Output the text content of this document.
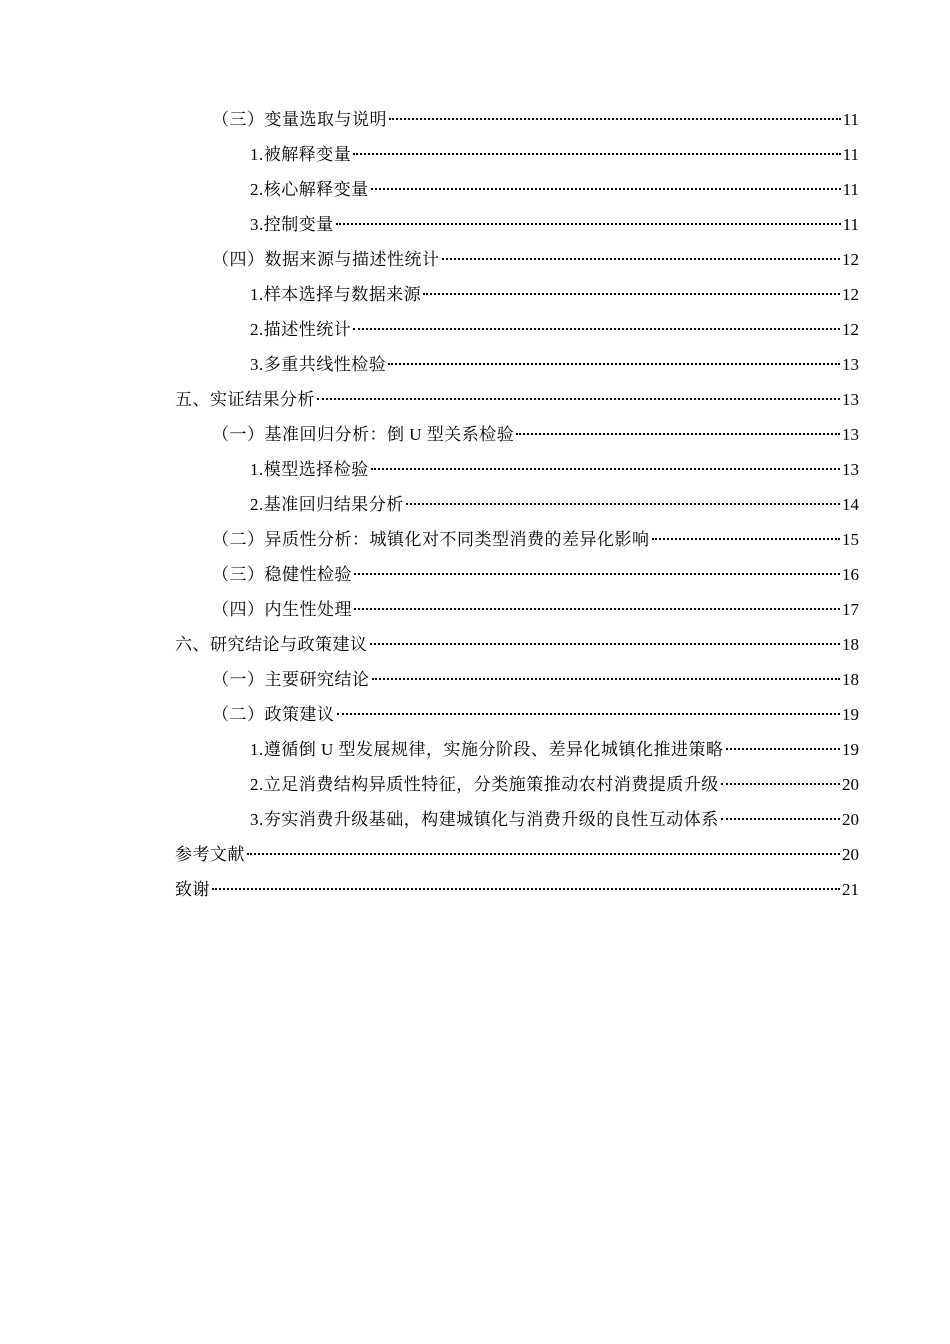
（三）变量选取与说明	11
1.被解释变量	11
2.核心解释变量	11
3.控制变量	11
（四）数据来源与描述性统计	12
1.样本选择与数据来源	12
2.描述性统计	12
3.多重共线性检验	13
五、实证结果分析	13
（一）基准回归分析：倒 U 型关系检验	13
1.模型选择检验	13
2.基准回归结果分析	14
（二）异质性分析：城镇化对不同类型消费的差异化影响	15
（三）稳健性检验	16
（四）内生性处理	17
六、研究结论与政策建议	18
（一）主要研究结论	18
（二）政策建议	19
1.遵循倒 U 型发展规律，实施分阶段、差异化城镇化推进策略	19
2.立足消费结构异质性特征，分类施策推动农村消费提质升级	20
3.夯实消费升级基础，构建城镇化与消费升级的良性互动体系	20
参考文献	20
致谢	21
